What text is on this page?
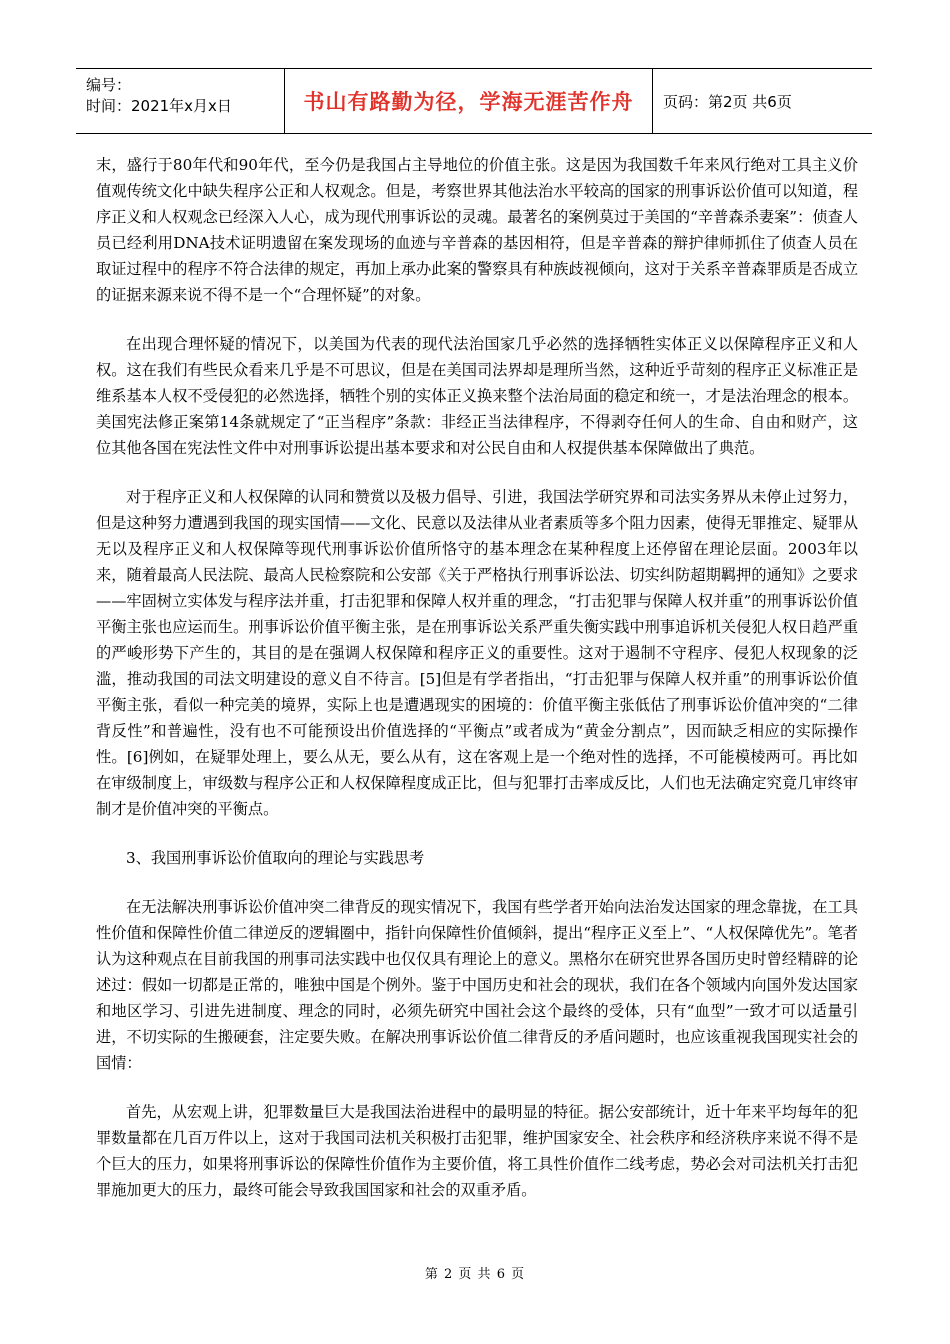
编号：
时间：2021年x月x日	书山有路勤为径，学海无涯苦作舟	页码：第2页 共6页

末，盛行于80年代和90年代，至今仍是我国占主导地位的价值主张。这是因为我国数千年来风行绝对工具主义价值观传统文化中缺失程序公正和人权观念。但是，考察世界其他法治水平较高的国家的刑事诉讼价值可以知道，程序正义和人权观念已经深入人心，成为现代刑事诉讼的灵魂。最著名的案例莫过于美国的“辛普森杀妻案”：侦查人员已经利用DNA技术证明遗留在案发现场的血迹与辛普森的基因相符，但是辛普森的辩护律师抓住了侦查人员在取证过程中的程序不符合法律的规定，再加上承办此案的警察具有种族歧视倾向，这对于关系辛普森罪质是否成立的证据来源来说不得不是一个“合理怀疑”的对象。

在出现合理怀疑的情况下，以美国为代表的现代法治国家几乎必然的选择牺牲实体正义以保障程序正义和人权。这在我们有些民众看来几乎是不可思议，但是在美国司法界却是理所当然，这种近乎苛刻的程序正义标准正是维系基本人权不受侵犯的必然选择，牺牲个别的实体正义换来整个法治局面的稳定和统一，才是法治理念的根本。美国宪法修正案第14条就规定了“正当程序”条款：非经正当法律程序，不得剥夺任何人的生命、自由和财产，这位其他各国在宪法性文件中对刑事诉讼提出基本要求和对公民自由和人权提供基本保障做出了典范。

对于程序正义和人权保障的认同和赞赏以及极力倡导、引进，我国法学研究界和司法实务界从未停止过努力，但是这种努力遭遇到我国的现实国情——文化、民意以及法律从业者素质等多个阻力因素，使得无罪推定、疑罪从无以及程序正义和人权保障等现代刑事诉讼价值所恪守的基本理念在某种程度上还停留在理论层面。2003年以来，随着最高人民法院、最高人民检察院和公安部《关于严格执行刑事诉讼法、切实纠防超期羁押的通知》之要求——牢固树立实体发与程序法并重，打击犯罪和保障人权并重的理念，“打击犯罪与保障人权并重”的刑事诉讼价值平衡主张也应运而生。刑事诉讼价值平衡主张，是在刑事诉讼关系严重失衡实践中刑事追诉机关侵犯人权日趋严重的严峻形势下产生的，其目的是在强调人权保障和程序正义的重要性。这对于遏制不守程序、侵犯人权现象的泛滥，推动我国的司法文明建设的意义自不待言。[5]但是有学者指出，“打击犯罪与保障人权并重”的刑事诉讼价值平衡主张，看似一种完美的境界，实际上也是遭遇现实的困境的：价值平衡主张低估了刑事诉讼价值冲突的“二律背反性”和普遍性，没有也不可能预设出价值选择的“平衡点”或者成为“黄金分割点”，因而缺乏相应的实际操作性。[6]例如，在疑罪处理上，要么从无，要么从有，这在客观上是一个绝对性的选择，不可能模棱两可。再比如在审级制度上，审级数与程序公正和人权保障程度成正比，但与犯罪打击率成反比，人们也无法确定究竟几审终审制才是价值冲突的平衡点。

3、我国刑事诉讼价值取向的理论与实践思考

在无法解决刑事诉讼价值冲突二律背反的现实情况下，我国有些学者开始向法治发达国家的理念靠拢，在工具性价值和保障性价值二律逆反的逻辑圈中，指针向保障性价值倾斜，提出“程序正义至上”、“人权保障优先”。笔者认为这种观点在目前我国的刑事司法实践中也仅仅具有理论上的意义。黑格尔在研究世界各国历史时曾经精辟的论述过：假如一切都是正常的，唯独中国是个例外。鉴于中国历史和社会的现状，我们在各个领域内向国外发达国家和地区学习、引进先进制度、理念的同时，必须先研究中国社会这个最终的受体，只有“血型”一致才可以适量引进，不切实际的生搬硬套，注定要失败。在解决刑事诉讼价值二律背反的矛盾问题时，也应该重视我国现实社会的国情：

首先，从宏观上讲，犯罪数量巨大是我国法治进程中的最明显的特征。据公安部统计，近十年来平均每年的犯罪数量都在几百万件以上，这对于我国司法机关积极打击犯罪，维护国家安全、社会秩序和经济秩序来说不得不是个巨大的压力，如果将刑事诉讼的保障性价值作为主要价值，将工具性价值作二线考虑，势必会对司法机关打击犯罪施加更大的压力，最终可能会导致我国国家和社会的双重矛盾。

第 2 页 共 6 页
